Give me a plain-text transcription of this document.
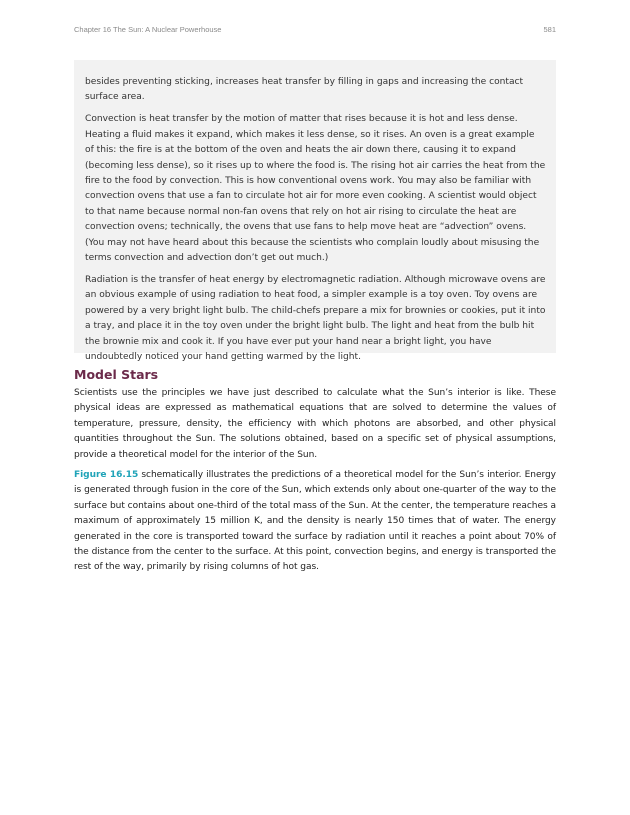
Chapter 16 The Sun: A Nuclear Powerhouse	581

besides preventing sticking, increases heat transfer by filling in gaps and increasing the contact surface area.

Convection is heat transfer by the motion of matter that rises because it is hot and less dense. Heating a fluid makes it expand, which makes it less dense, so it rises. An oven is a great example of this: the fire is at the bottom of the oven and heats the air down there, causing it to expand (becoming less dense), so it rises up to where the food is. The rising hot air carries the heat from the fire to the food by convection. This is how conventional ovens work. You may also be familiar with convection ovens that use a fan to circulate hot air for more even cooking. A scientist would object to that name because normal non-fan ovens that rely on hot air rising to circulate the heat are convection ovens; technically, the ovens that use fans to help move heat are “advection” ovens. (You may not have heard about this because the scientists who complain loudly about misusing the terms convection and advection don’t get out much.)

Radiation is the transfer of heat energy by electromagnetic radiation. Although microwave ovens are an obvious example of using radiation to heat food, a simpler example is a toy oven. Toy ovens are powered by a very bright light bulb. The child-chefs prepare a mix for brownies or cookies, put it into a tray, and place it in the toy oven under the bright light bulb. The light and heat from the bulb hit the brownie mix and cook it. If you have ever put your hand near a bright light, you have undoubtedly noticed your hand getting warmed by the light.

Model Stars

Scientists use the principles we have just described to calculate what the Sun’s interior is like. These physical ideas are expressed as mathematical equations that are solved to determine the values of temperature, pressure, density, the efficiency with which photons are absorbed, and other physical quantities throughout the Sun. The solutions obtained, based on a specific set of physical assumptions, provide a theoretical model for the interior of the Sun.

Figure 16.15 schematically illustrates the predictions of a theoretical model for the Sun’s interior. Energy is generated through fusion in the core of the Sun, which extends only about one-quarter of the way to the surface but contains about one-third of the total mass of the Sun. At the center, the temperature reaches a maximum of approximately 15 million K, and the density is nearly 150 times that of water. The energy generated in the core is transported toward the surface by radiation until it reaches a point about 70% of the distance from the center to the surface. At this point, convection begins, and energy is transported the rest of the way, primarily by rising columns of hot gas.
